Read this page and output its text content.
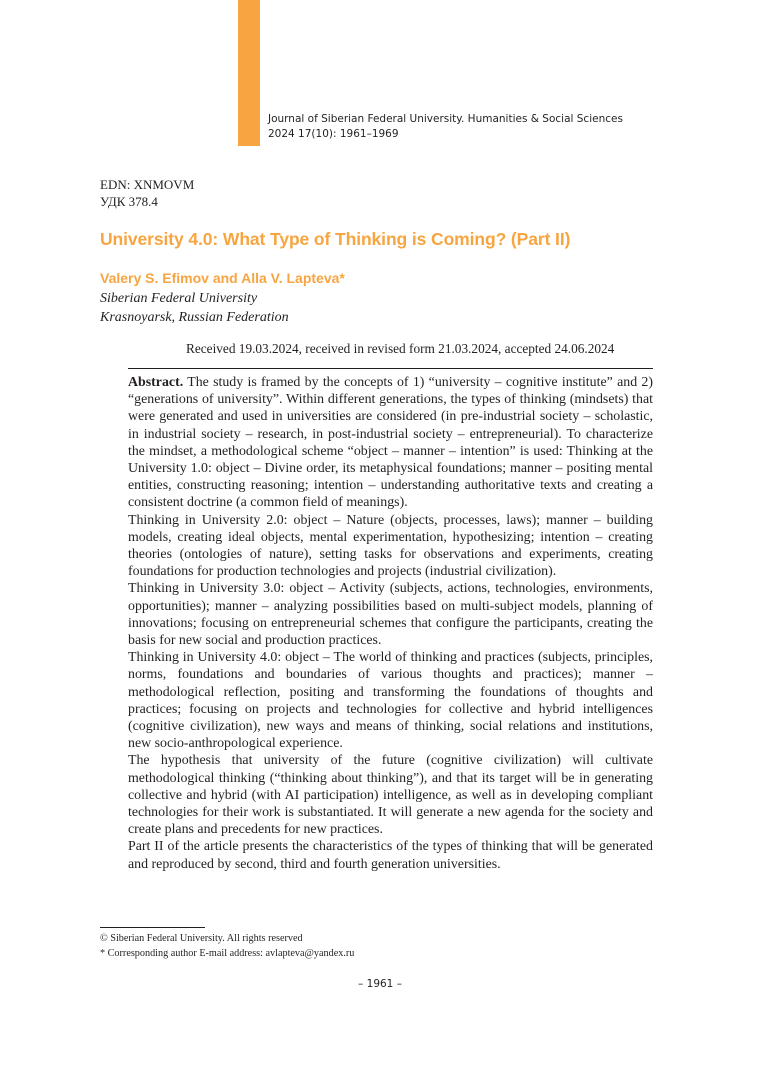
Journal of Siberian Federal University. Humanities & Social Sciences
2024 17(10): 1961–1969
EDN: XNMOVM
УДК 378.4
University 4.0: What Type of Thinking is Coming? (Part II)
Valery S. Efimov and Alla V. Lapteva*
Siberian Federal University
Krasnoyarsk, Russian Federation
Received 19.03.2024, received in revised form 21.03.2024, accepted 24.06.2024

Abstract. The study is framed by the concepts of 1) “university – cognitive institute” and 2) “generations of university”. Within different generations, the types of thinking (mindsets) that were generated and used in universities are considered (in pre-industrial society – scholastic, in industrial society – research, in post-industrial society – entrepreneurial). To characterize the mindset, a methodological scheme “object – manner – intention” is used: Thinking at the University 1.0: object – Divine order, its metaphysical foundations; manner – positing mental entities, constructing reasoning; intention – understanding authoritative texts and creating a consistent doctrine (a common field of meanings).

Thinking in University 2.0: object – Nature (objects, processes, laws); manner – building models, creating ideal objects, mental experimentation, hypothesizing; intention – creating theories (ontologies of nature), setting tasks for observations and experiments, creating foundations for production technologies and projects (industrial civilization).

Thinking in University 3.0: object – Activity (subjects, actions, technologies, environments, opportunities); manner – analyzing possibilities based on multi-subject models, planning of innovations; focusing on entrepreneurial schemes that configure the participants, creating the basis for new social and production practices.

Thinking in University 4.0: object – The world of thinking and practices (subjects, principles, norms, foundations and boundaries of various thoughts and practices); manner – methodological reflection, positing and transforming the foundations of thoughts and practices; focusing on projects and technologies for collective and hybrid intelligences (cognitive civilization), new ways and means of thinking, social relations and institutions, new socio-anthropological experience.

The hypothesis that university of the future (cognitive civilization) will cultivate methodological thinking (“thinking about thinking”), and that its target will be in generating collective and hybrid (with AI participation) intelligence, as well as in developing compliant technologies for their work is substantiated. It will generate a new agenda for the society and create plans and precedents for new practices.

Part II of the article presents the characteristics of the types of thinking that will be generated and reproduced by second, third and fourth generation universities.

© Siberian Federal University. All rights reserved
* Corresponding author E-mail address: avlapteva@yandex.ru
– 1961 –
